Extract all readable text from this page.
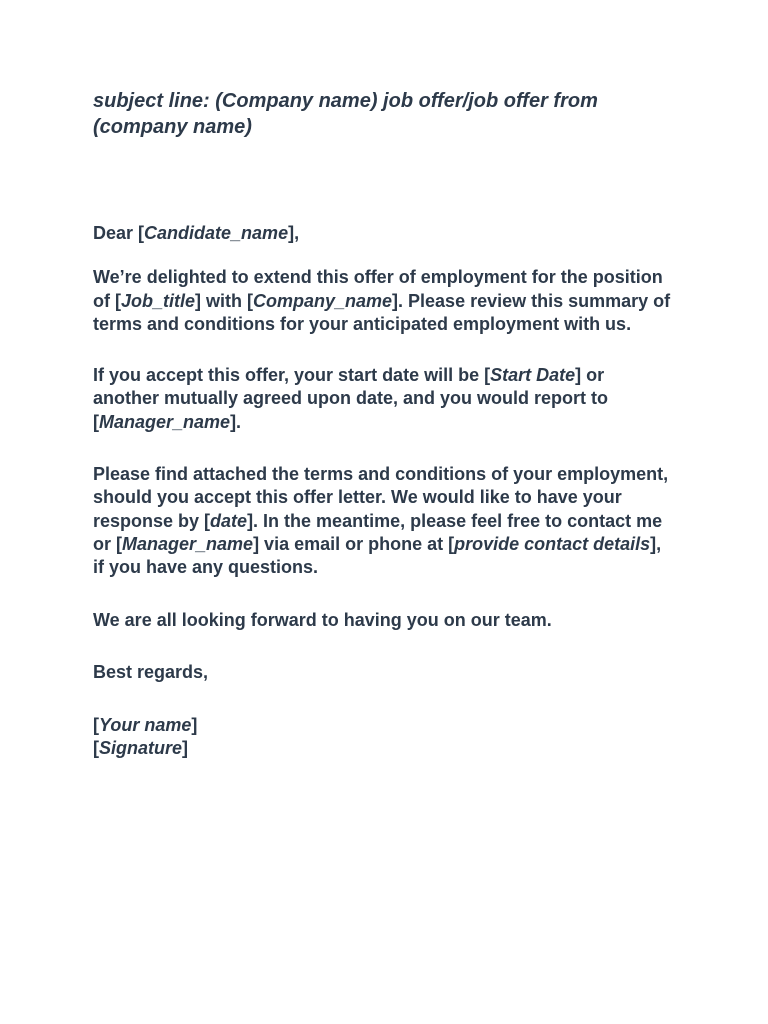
subject line: (Company name) job offer/job offer from (company name)

Dear [Candidate_name],

We’re delighted to extend this offer of employment for the position of [Job_title] with [Company_name]. Please review this summary of terms and conditions for your anticipated employment with us.

If you accept this offer, your start date will be [Start Date] or another mutually agreed upon date, and you would report to [Manager_name].

Please find attached the terms and conditions of your employment, should you accept this offer letter. We would like to have your response by [date]. In the meantime, please feel free to contact me or [Manager_name] via email or phone at [provide contact details], if you have any questions.

We are all looking forward to having you on our team.

Best regards,

[Your name]
[Signature]
